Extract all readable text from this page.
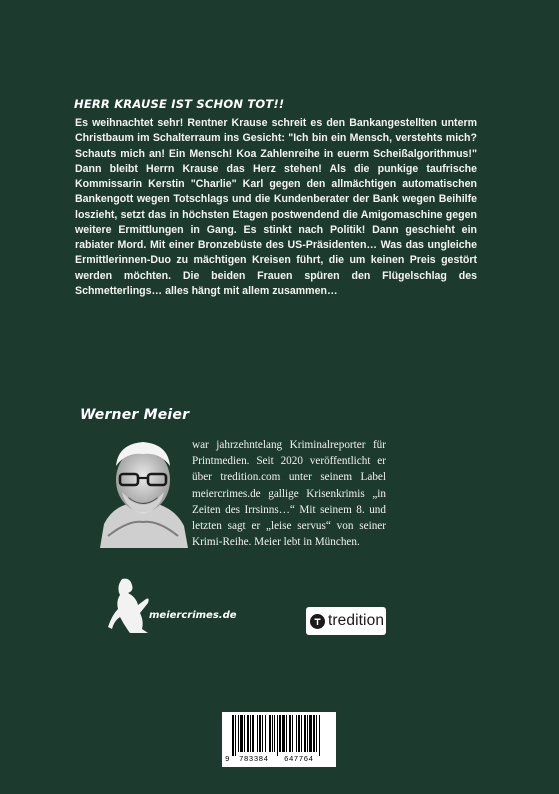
HERR KRAUSE IST SCHON TOT!!
Es weihnachtet sehr! Rentner Krause schreit es den Bankangestellten unterm Christbaum im Schalterraum ins Gesicht: "Ich bin ein Mensch, verstehts mich? Schauts mich an! Ein Mensch! Koa Zahlenreihe in euerm Scheißalgorithmus!" Dann bleibt Herrn Krause das Herz stehen! Als die punkige taufrische Kommissarin Kerstin "Charlie" Karl gegen den allmächtigen automatischen Bankengott wegen Totschlags und die Kundenberater der Bank wegen Beihilfe loszieht, setzt das in höchsten Etagen postwendend die Amigomaschine gegen weitere Ermittlungen in Gang. Es stinkt nach Politik! Dann geschieht ein rabiater Mord. Mit einer Bronzebüste des US-Präsidenten… Was das ungleiche Ermittlerinnen-Duo zu mächtigen Kreisen führt, die um keinen Preis gestört werden möchten. Die beiden Frauen spüren den Flügelschlag des Schmetterlings… alles hängt mit allem zusammen…
Werner Meier
war jahrzehntelang Kriminalreporter für Printmedien. Seit 2020 veröffentlicht er über tredition.com unter seinem Label meiercrimes.de gallige Krisenkrimis „in Zeiten des Irrsinns…“ Mit seinem 8. und letzten sagt er „leise servus“ von seiner Krimi-Reihe. Meier lebt in München.
meiercrimes.de	tredition
9 783384 647764
